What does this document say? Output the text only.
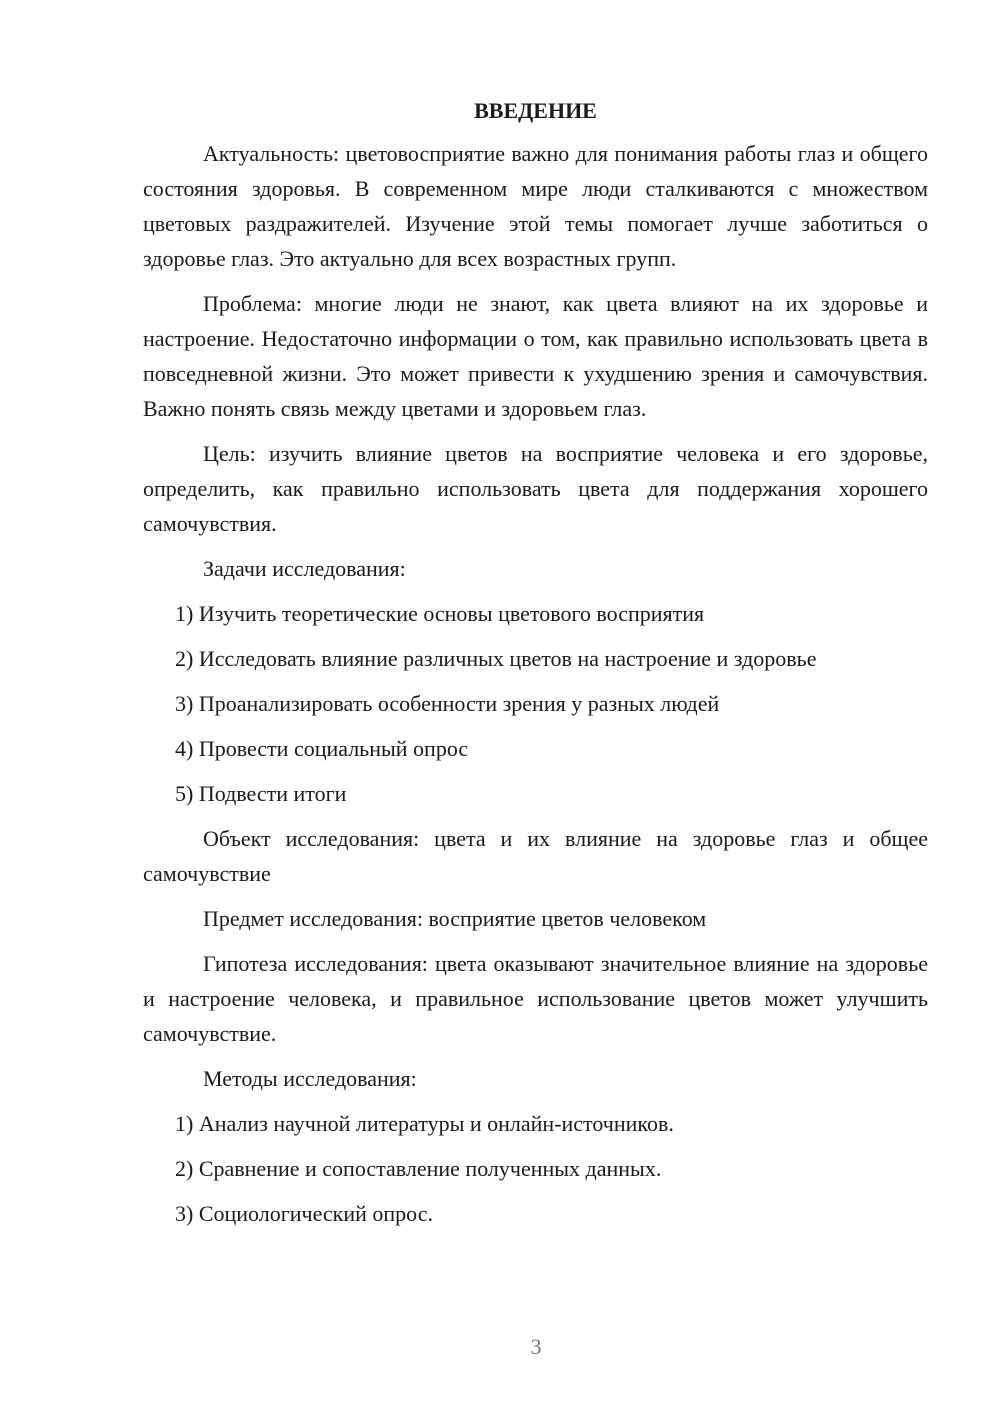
ВВЕДЕНИЕ

Актуальность: цветовосприятие важно для понимания работы глаз и общего состояния здоровья. В современном мире люди сталкиваются с множеством цветовых раздражителей. Изучение этой темы помогает лучше заботиться о здоровье глаз. Это актуально для всех возрастных групп.

Проблема: многие люди не знают, как цвета влияют на их здоровье и настроение. Недостаточно информации о том, как правильно использовать цвета в повседневной жизни. Это может привести к ухудшению зрения и самочувствия. Важно понять связь между цветами и здоровьем глаз.

Цель: изучить влияние цветов на восприятие человека и его здоровье, определить, как правильно использовать цвета для поддержания хорошего самочувствия.

Задачи исследования:

1) Изучить теоретические основы цветового восприятия
2) Исследовать влияние различных цветов на настроение и здоровье
3) Проанализировать особенности зрения у разных людей
4) Провести социальный опрос
5) Подвести итоги

Объект исследования: цвета и их влияние на здоровье глаз и общее самочувствие

Предмет исследования: восприятие цветов человеком

Гипотеза исследования: цвета оказывают значительное влияние на здоровье и настроение человека, и правильное использование цветов может улучшить самочувствие.

Методы исследования:

1) Анализ научной литературы и онлайн-источников.
2) Сравнение и сопоставление полученных данных.
3) Социологический опрос.
3
